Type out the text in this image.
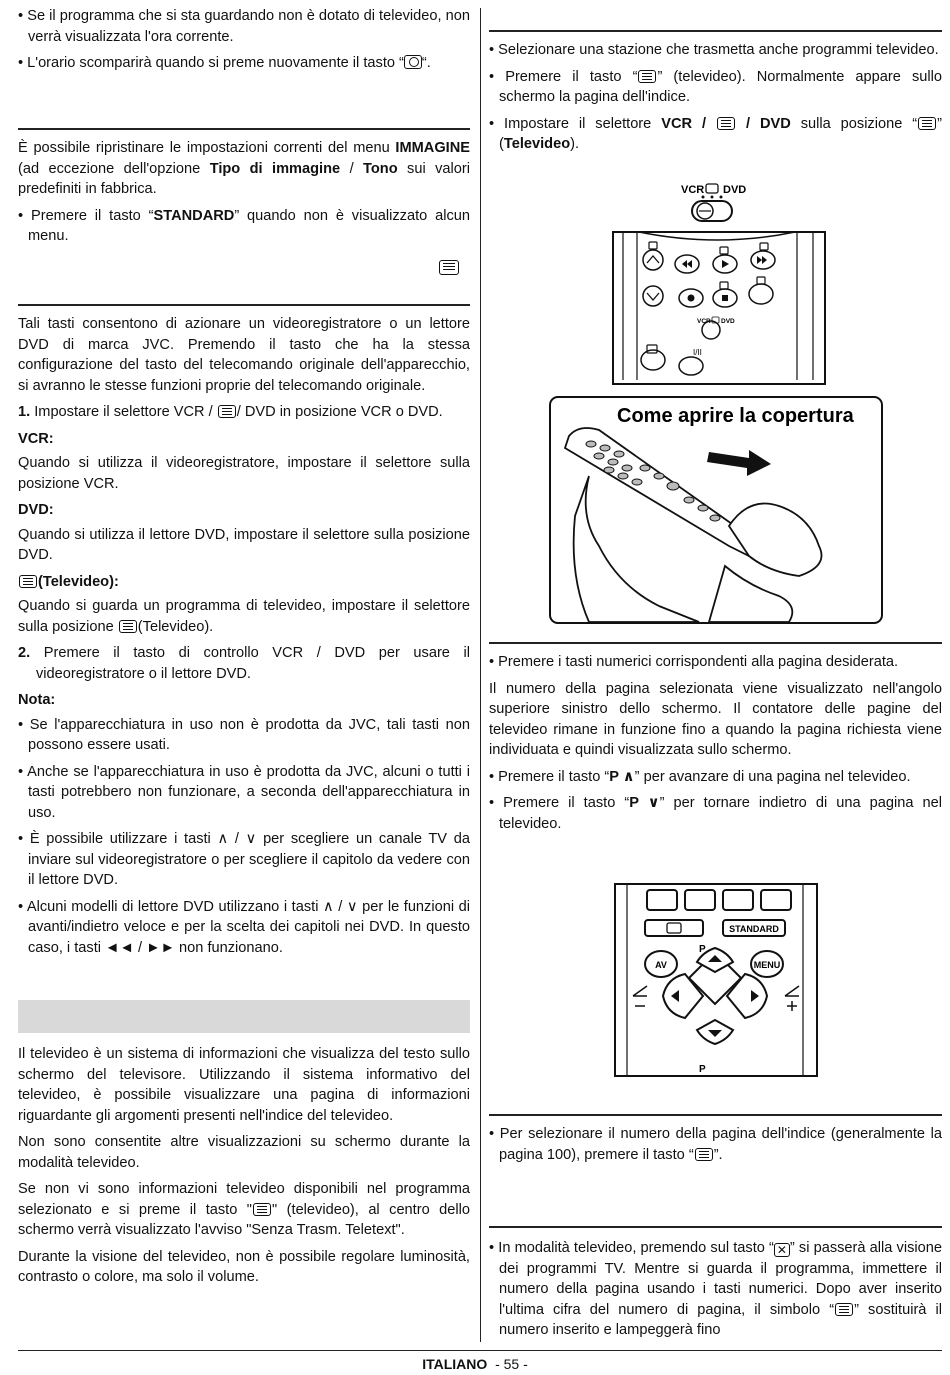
• Se il programma che si sta guardando non è dotato di televideo, non verrà visualizzata l'ora corrente.

• L'orario scomparirà quando si preme nuovamente il tasto “ “.

È possibile ripristinare le impostazioni correnti del menu IMMAGINE (ad eccezione dell'opzione Tipo di immagine / Tono sui valori predefiniti in fabbrica.

• Premere il tasto “STANDARD” quando non è visualizzato alcun menu.

Tali tasti consentono di azionare un videoregistratore o un lettore DVD di marca JVC. Premendo il tasto che ha la stessa configurazione del tasto del telecomando originale dell'apparecchio, si avranno le stesse funzioni proprie del telecomando originale.

1. Impostare il selettore VCR /
/ DVD in posizione VCR o DVD.

VCR:

Quando si utilizza il videoregistratore, impostare il selettore sulla posizione VCR.

DVD:

Quando si utilizza il lettore DVD, impostare il selettore sulla posizione DVD.

(Televideo):

Quando si guarda un programma di televideo, impostare il selettore sulla posizione
(Televideo).

2. Premere il tasto di controllo VCR / DVD per usare il videoregistratore o il lettore DVD.

Nota:

• Se l'apparecchiatura in uso non è prodotta da JVC, tali tasti non possono essere usati.

• Anche se l'apparecchiatura in uso è prodotta da JVC, alcuni o tutti i tasti potrebbero non funzionare, a seconda dell'apparecchiatura in uso.

• È possibile utilizzare i tasti ∧ / ∨ per scegliere un canale TV da inviare sul videoregistratore o per scegliere il capitolo da vedere con il lettore DVD.

• Alcuni modelli di lettore DVD utilizzano i tasti ∧ / ∨ per le funzioni di avanti/indietro veloce e per la scelta dei capitoli nei DVD. In questo caso, i tasti ◄◄ / ►► non funzionano.

Il televideo è un sistema di informazioni che visualizza del testo sullo schermo del televisore. Utilizzando il sistema informativo del televideo, è possibile visualizzare una pagina di informazioni riguardante gli argomenti presenti nell'indice del televideo.

Non sono consentite altre visualizzazioni su schermo durante la modalità televideo.

Se non vi sono informazioni televideo disponibili nel programma selezionato e si preme il tasto " " (televideo), al centro dello schermo verrà visualizzato l'avviso "Senza Trasm. Teletext".

Durante la visione del televideo, non è possibile regolare luminosità, contrasto o colore, ma solo il volume.

• Selezionare una stazione che trasmetta anche programmi televideo.

• Premere il tasto “ ” (televideo). Normalmente appare sullo schermo la pagina dell'indice.

• Impostare il selettore VCR /
/ DVD sulla posizione “ ” (Televideo).

VCR DVD
VCR DVD
I/II
Come aprire la copertura

• Premere i tasti numerici corrispondenti alla pagina desiderata.

Il numero della pagina selezionata viene visualizzato nell'angolo superiore sinistro dello schermo. Il contatore delle pagine del televideo rimane in funzione fino a quando la pagina richiesta viene individuata e quindi visualizzata sullo schermo.

• Premere il tasto “P ∧” per avanzare di una pagina nel televideo.

• Premere il tasto “P ∨” per tornare indietro di una pagina nel televideo.

STANDARD
AV	MENU
P
P

• Per selezionare il numero della pagina dell'indice (generalmente la pagina 100), premere il tasto “ ”.

• In modalità televideo, premendo sul tasto “ ✕ ” si passerà alla visione dei programmi TV. Mentre si guarda il programma, immettere il numero della pagina usando i tasti numerici. Dopo aver inserito l'ultima cifra del numero di pagina, il simbolo “ ” sostituirà il numero inserito e lampeggerà fino

ITALIANO - 55 -
